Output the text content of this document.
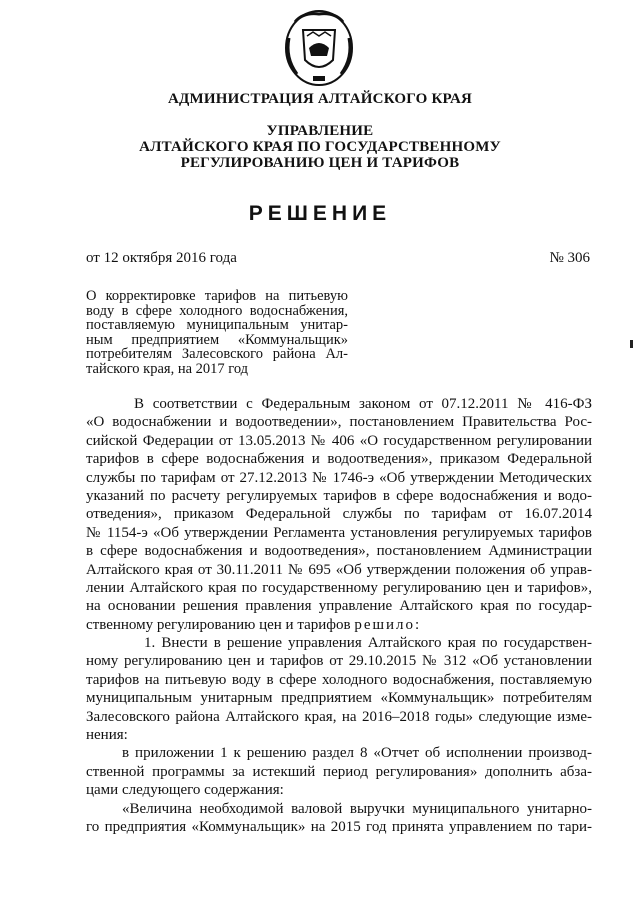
АДМИНИСТРАЦИЯ АЛТАЙСКОГО КРАЯ
УПРАВЛЕНИЕ
АЛТАЙСКОГО КРАЯ ПО ГОСУДАРСТВЕННОМУ
РЕГУЛИРОВАНИЮ ЦЕН И ТАРИФОВ
РЕШЕНИЕ
от 12 октября 2016 года	№ 306
О корректировке тарифов на питьевую
воду в сфере холодного водоснабжения,
поставляемую муниципальным унитар-
ным предприятием «Коммунальщик»
потребителям Залесовского района Ал-
тайского края, на 2017 год
В соответствии с Федеральным законом от 07.12.2011 № 416-ФЗ
«О водоснабжении и водоотведении», постановлением Правительства Рос-
сийской Федерации от 13.05.2013 № 406 «О государственном регулировании
тарифов в сфере водоснабжения и водоотведения», приказом Федеральной
службы по тарифам от 27.12.2013 № 1746-э «Об утверждении Методических
указаний по расчету регулируемых тарифов в сфере водоснабжения и водо-
отведения», приказом Федеральной службы по тарифам от 16.07.2014
№ 1154-э «Об утверждении Регламента установления регулируемых тарифов
в сфере водоснабжения и водоотведения», постановлением Администрации
Алтайского края от 30.11.2011 № 695 «Об утверждении положения об управ-
лении Алтайского края по государственному регулированию цен и тарифов»,
на основании решения правления управление Алтайского края по государ-
ственному регулированию цен и тарифов решило:
1. Внести в решение управления Алтайского края по государствен-
ному регулированию цен и тарифов от 29.10.2015 № 312 «Об установлении
тарифов на питьевую воду в сфере холодного водоснабжения, поставляемую
муниципальным унитарным предприятием «Коммунальщик» потребителям
Залесовского района Алтайского края, на 2016–2018 годы» следующие изме-
нения:
в приложении 1 к решению раздел 8 «Отчет об исполнении производ-
ственной программы за истекший период регулирования» дополнить абза-
цами следующего содержания:
«Величина необходимой валовой выручки муниципального унитарно-
го предприятия «Коммунальщик» на 2015 год принята управлением по тари-
